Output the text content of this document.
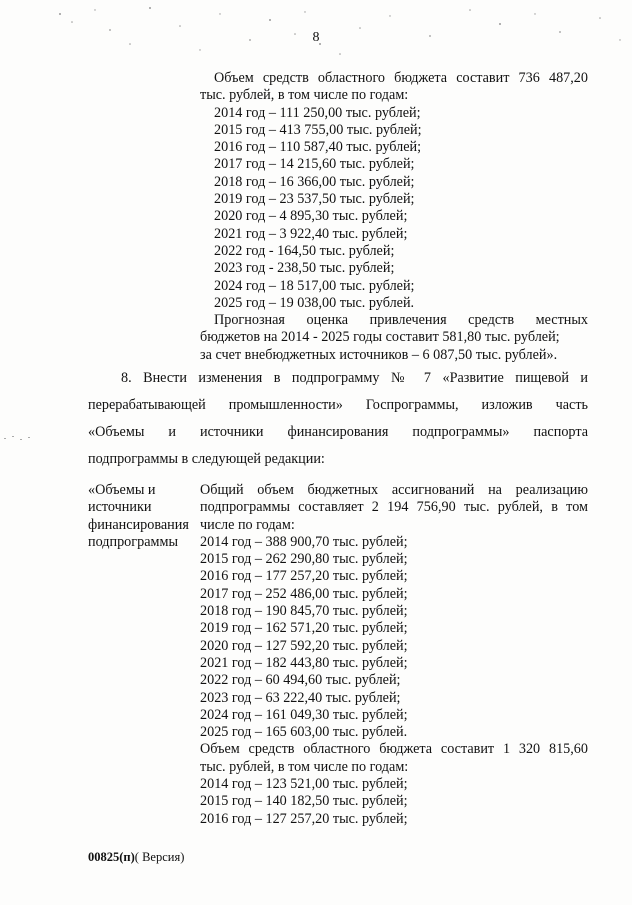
8
Объем средств областного бюджета составит 736 487,20
тыс. рублей, в том числе по годам:
2014 год – 111 250,00 тыс. рублей;
2015 год – 413 755,00 тыс. рублей;
2016 год – 110 587,40 тыс. рублей;
2017 год – 14 215,60 тыс. рублей;
2018 год – 16 366,00 тыс. рублей;
2019 год – 23 537,50 тыс. рублей;
2020 год – 4 895,30 тыс. рублей;
2021 год – 3 922,40 тыс. рублей;
2022 год - 164,50 тыс. рублей;
2023 год - 238,50 тыс. рублей;
2024 год – 18 517,00 тыс. рублей;
2025 год – 19 038,00 тыс. рублей.
Прогнозная оценка привлечения средств местных
бюджетов на 2014 - 2025 годы составит 581,80 тыс. рублей;
за счет внебюджетных источников – 6 087,50 тыс. рублей».
8. Внести изменения в подпрограмму № 7 «Развитие пищевой и
перерабатывающей промышленности» Госпрограммы, изложив часть
«Объемы и источники финансирования подпрограммы» паспорта
подпрограммы в следующей редакции:
«Объемы и
источники
финансирования
подпрограммы
Общий объем бюджетных ассигнований на реализацию
подпрограммы составляет 2 194 756,90 тыс. рублей, в том
числе по годам:
2014 год – 388 900,70 тыс. рублей;
2015 год – 262 290,80 тыс. рублей;
2016 год – 177 257,20 тыс. рублей;
2017 год – 252 486,00 тыс. рублей;
2018 год – 190 845,70 тыс. рублей;
2019 год – 162 571,20 тыс. рублей;
2020 год – 127 592,20 тыс. рублей;
2021 год – 182 443,80 тыс. рублей;
2022 год – 60 494,60 тыс. рублей;
2023 год – 63 222,40 тыс. рублей;
2024 год – 161 049,30 тыс. рублей;
2025 год – 165 603,00 тыс. рублей.
Объем средств областного бюджета составит 1 320 815,60
тыс. рублей, в том числе по годам:
2014 год – 123 521,00 тыс. рублей;
2015 год – 140 182,50 тыс. рублей;
2016 год – 127 257,20 тыс. рублей;
00825(п)( Версия)
